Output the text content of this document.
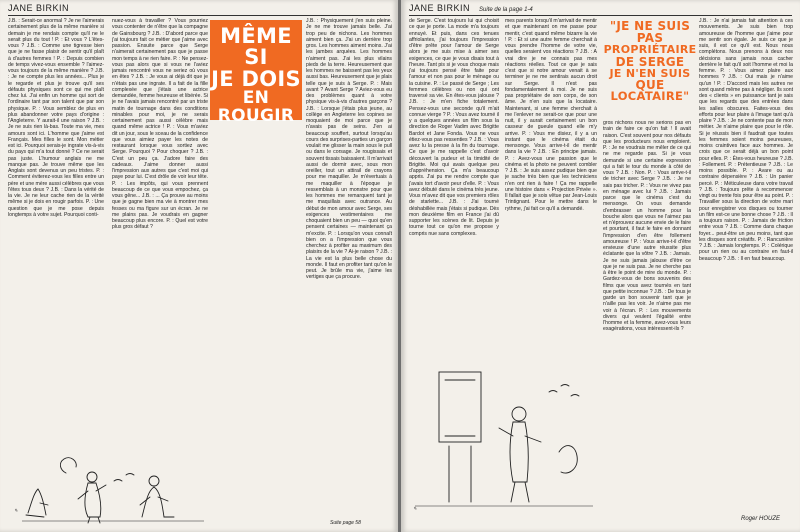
JANE BIRKIN

J.B. : Serait-ce anormal ? Je ne l'aimerais certainement plus de la même manière si demain je me rendais compte qu'il ne le serait plus du tout ! P. : Et vous ? L'êtes-vous ? J.B. : Comme une tigresse bien que je ne fasse plaisir de sentir qu'il plaît à d'autres femmes ! P. : Depuis combien de temps vivez-vous ensemble ? l'aimez-vous toujours de la même manière ? J.B. : Je ne compte plus les années... Plus je le regarde et plus je trouve qu'il ses défauts physiques sont ce qui me plaît chez lui. J'ai enfin un homme qui sort de l'ordinaire tant par son talent que par son physique. P. : Vous semblez de plus en plus abandonner votre pays d'origine : l'Angleterre. Y aurait-il une raison ? J.B. : Je ne suis rien là-bas. Toute ma vie, mes amours sont ici. L'homme que j'aime est Français. Mes filles le sont. Mon métier est ici. Pourquoi serais-je ingrate vis-à-vis du pays qui m'a tout donné ? Ce ne serait pas juste. L'humour anglais ne me manque pas. Je trouve même que les Anglais sont devenus un peu tristes. P. : Comment éviterez-vous les filles entre un père et une mère aussi célèbres que vous l'êtes tous deux ? J.B. : Dans la vérité de la vie. Je ne leur cache rien de la vérité même si je dois en rougir parfois. P. : Une question que je me pose depuis longtemps à votre sujet. Pourquoi conti-

nuez-vous à travailler ? Vous pourriez vous contenter de n'être que la compagne de Gainsbourg ? J.B. : D'abord parce que j'ai toujours fait ce métier que j'aime avec passion. Ensuite parce que Serge n'aimerait certainement pas que je passe mon temps à ne rien faire. P. : Ne pensez-vous pas alors que si vous ne l'aviez jamais rencontré vous ne seriez où vous en êtes ? J.B. : Je vous ai déjà dit que je n'étais pas une ingrate. Il a fait de la fille complexée que j'étais une actrice demandée, femme heureuse et libérée. Si je ne l'avais jamais rencontré par un triste matin de tournage dans des conditions minables pour moi, je ne serais certainement pas aussi célèbre mais quand même actrice ! P. : Vous m'aviez dit un jour, sous le sceau de la confidence que vous aimiez payer les notes de restaurant lorsque vous sortiez avec Serge. Pourquoi ? Pour choquer ? J.B. : C'est un peu ça. J'adore faire des cadeaux. J'aime donner aussi l'impression aux autres que c'est moi qui paye pour lui. C'est drôle de voir leur tête. P. : Les impôts, qui vous prennent beaucoup de ce que vous empochez, ça vous gêne... J.B. : ... Ça prouve au moins que je gagne bien ma vie à montrer mes fesses ou ma figure sur un écran. Je ne me plains pas. Je voudrais en gagner beaucoup plus encore. P. : Quel est votre plus gros défaut ?

MÊME SI
JE DOIS
EN ROUGIR

J.B. : Physiquement j'en suis pleine. Je ne me trouve jamais belle. J'ai trop peu de nichons. Les hommes aiment bien ça. J'ai un derrière trop gros. Les hommes aiment moins. J'ai les jambes arquées. Les hommes n'aiment pas. J'ai les plus vilains pieds de la terre. Heureusement que les hommes ne baissent pas les yeux aussi bas. Heureusement que je plais telle que je suis à Serge. P. : Mais avant ? Avant Serge ? Aviez-vous eu des problèmes quant à votre physique vis-à-vis d'autres garçons ? J.B. : Lorsque j'étais plus jeune, au collège en Angleterre les copines se moquaient de moi parce que je n'avais pas de seins. J'en ai beaucoup souffert, surtout lorsqu'au cours des surprises-parties un garçon voulait me glisser la main sous le pull ou dans le corsage. Je rougissais et souvent tissais baissaient. Il m'arrivait aussi de dormir avec, sous mon oreiller, tout un attirail de crayons pour me maquiller. Je m'évertuais à me maquiller à l'époque je ressemblais à un monstre pour que les hommes me remarquent tant je me maquillais avec outrance. Au début de mon amour avec Serge, ses exigences vestimentaires me choquaient bien un peu — quoi qu'en pensent certaines — maintenant ça m'excite. P. : Lorsqu'on vous connaît bien on a l'impression que vous cherchez à profiter au maximum des plaisirs de la vie ? Ai-je raison ? J.B. : La vie est la plus belle chose du monde. Il faut en profiter tant qu'on le peut. Je brûle ma vie, j'aime les vertiges que ça procure.

✎
Suite page 58
JANE BIRKIN Suite de la page 1-4

de Serge. C'est toujours lui qui choisit ce que je porte. La mode m'a toujours ennuyé. Et puis, dans ces tenues affriolantes, j'ai toujours l'impression d'être prête pour l'amour de Serge alors je me suis mise à aimer ses exigences, ce que je vous disais tout à l'heure. Tant pis si je vous choque mais j'ai toujours pensé être faite pour l'amour et non pas pour le ménage ou la cuisine. P. : Le passé de Serge ; Les femmes célèbres ou non qui ont traversé sa vie. En êtes-vous jalouse ? J.B. : Je m'en fiche totalement. Pensez-vous une seconde qu'il m'ait connue vierge ? P. : Vous avez tourné il y a quelques années un film sous la direction de Roger Vadim avec Brigitte Bardot et Jane Fonda. Vous ne vous étiez-vous pas ressenties ? J.B. : Vous avez lu la presse à la fin du tournage. Ce que je me rappelle c'est d'avoir découvert la pudeur et la timidité de Brigitte. Moi qui avais quelque peu d'appréhension. Ça m'a beaucoup appris. J'ai pu me rendre compte que j'avais tort d'avoir peur d'elle. P. : Vous avez débuté dans le cinéma très jeune. Vous m'avez dit que vos premiers rôles de starlette... J.B. : J'ai tourné déshabillée mais j'étais si pudique. Dès mon deuxième film en France j'ai dû supporter les scènes de lit. Depuis je tourne tout ce qu'on me propose y compris nue sans complexes.

mes parents lorsqu'il m'arrivait de mentir et que maintenant on me passe pour mentir, c'est quand même bizarre la vie ! P. : Et si une autre femme cherchait à vous prendre l'homme de votre vie, quelles seraient vos réactions ? J.B. : A vrai dire je ne connais pas mes réactions réelles. Tout ce que je sais c'est que si notre amour venait à se terminer je ne me sentirais aucun droit sur Serge. Il n'est pas fondamentalement à moi. Je ne suis pas propriétaire de son corps, de son âme. Je n'en suis que la locataire. Maintenant, si une femme cherchait à me l'enlever ne serait-ce que pour une nuit, il y aurait certainement un bon casseur de gueule quand elle m'y arrive. P. : Vous me disiez, il y a un instant que le cinéma était du mensonge. Vous arrive-t-il de mentir dans la vie ? J.B. : En principe jamais. P. : Avez-vous une passion que le cinéma et la photo ne peuvent combler ? J.B. : Je suis assez pudique bien que je sache très bien que les techniciens n'en ont rien à faire ! Ça me rappelle une histoire dans « Projection Privée ». Il fallait que je sois vêtue par Jean-Louis Trintignant. Pour le mettre dans le rythme, j'ai fait ce qu'il a demandé.

gros nichons nous ne serions pas en train de faire ce qu'on fait ! Il avait raison. C'est souvent pour nos défauts que les producteurs nous emploient. P. : Je ne voudrais me mêler de ce qui ne me regarde pas. Si je vous demande si une certaine expression qui a fait le tour du monde à côté de vous ? J.B. : Non. P. : Vous arrive-t-il de tricher avec Serge ? J.B. : Je ne sais pas tricher. P. : Vous ne vivez pas en ménage avec lui ? J.B. : Jamais parce que le cinéma c'est du mensonge. On vous demande d'embrasser un homme pour la bouche alors que vous ne l'aimez pas et n'éprouvez aucune envie de le faire et pourtant, il faut le faire en donnant l'impression d'en être follement amoureuse ! P. : Vous arrive-t-il d'être envieuse d'une autre réussite plus éclatante que la vôtre ? J.B. : Jamais. Je ne suis jamais jalouse d'être ce que je ne suis pas. Je ne cherche pas à être le point de mire du monde. P. : Gardez-vous de bons souvenirs des films que vous avez tournés en tant que petite inconnue ? J.B. : De tous je garde un bon souvenir tant que je n'aille pas les voir. Je n'aime pas me voir à l'écran. P. : Les mouvements divers qui veulent l'égalité entre l'homme et la femme, avez-vous leurs exagérations, vous intéressent-ils ?

"JE NE SUIS
PAS
PROPRIÉTAIRE
DE SERGE
JE N'EN SUIS
QUE
LOCATAIRE"

J.B. : Je n'ai jamais fait attention à ces mouvements. Je suis bien trop amoureuse de l'homme que j'aime pour me sentir son égale. Je suis ce que je suis, il est ce qu'il est. Nous nous complétons. Nous prenons à deux nos décisions sans jamais nous cacher derrière le fait qu'il soit l'homme et moi la femme. P. : Vous aimez plaire aux hommes ? J.B. : Oui mais je n'aime qu'un ! P. : D'accord mais les autres ne sont quand même pas à négliger. Ils sont des « clients » en puissance tant je sais que les regards que des entrées dans les salles obscures. Faites-vous des efforts pour leur plaire à l'image tant qu'à plaire ? J.B. : Je ne contente pas de mon métier. Je n'aime plaire que pour le rôle. Si je réussis bien il faudrait que toutes les femmes soient moins peureuses, moins craintives face aux hommes. Je crois que ce serait déjà un bon point pour elles. P. : Êtes-vous heureuse ? J.B. : Follement. P. : Prétentieuse ? J.B. : Le moins possible. P. : Avare ou au contraire dépensière ? J.B. : Un panier percé. P. : Méticuleuse dans votre travail ? J.B. : Toujours prête à recommencer vingt ou trente fois pour être au point. P. : Travailler sous la direction de votre mari pour enregistrer vos disques ou tourner un film est-ce une bonne chose ? J.B. : Il a toujours raison. P. : Jamais de friction entre vous ? J.B. : Comme dans chaque foyer... peut-être un peu moins, tant que les disques sont créatifs. P. : Rancunière ? J.B. : Jamais longtemps. P. : Colérique pour un rien ou au contraire en faut-il beaucoup ? J.B. : Il en faut beaucoup.

✎
Roger HOUZE
